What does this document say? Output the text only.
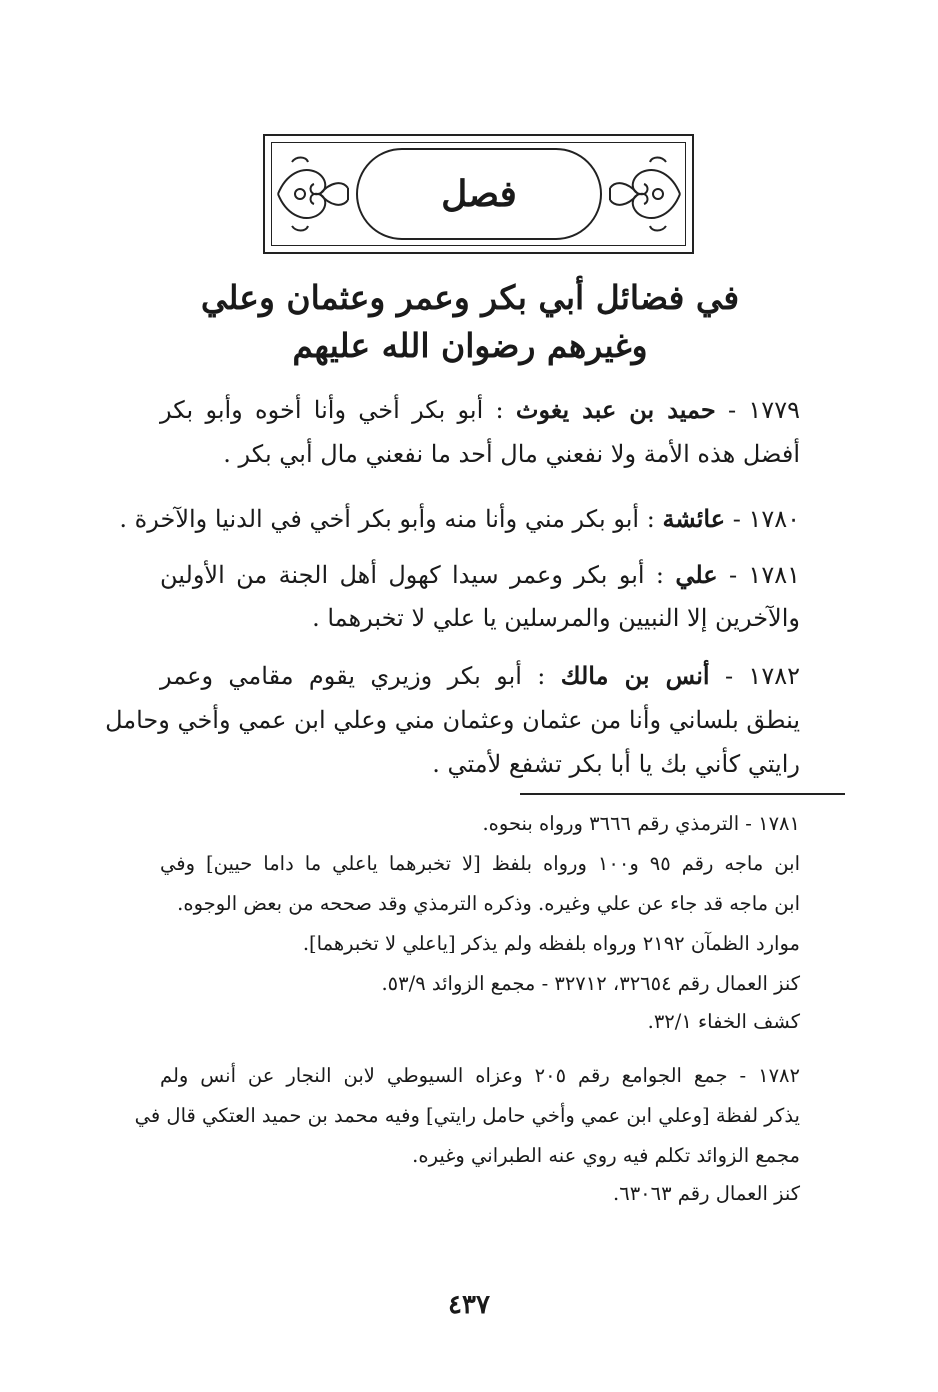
فصل
في فضائل أبي بكر وعمر وعثمان وعلي
وغيرهم رضوان الله عليهم
١٧٧٩ - حميد بن عبد يغوث : أبو بكر أخي وأنا أخوه وأبو بكر
أفضل هذه الأمة ولا نفعني مال أحد ما نفعني مال أبي بكر .
١٧٨٠ - عائشة : أبو بكر مني وأنا منه وأبو بكر أخي في الدنيا والآخرة .
١٧٨١ - علي : أبو بكر وعمر سيدا كهول أهل الجنة من الأولين
والآخرين إلا النبيين والمرسلين يا علي لا تخبرهما .
١٧٨٢ - أنس بن مالك : أبو بكر وزيري يقوم مقامي وعمر
ينطق بلساني وأنا من عثمان وعثمان مني وعلي ابن عمي وأخي وحامل
رايتي كأني بك يا أبا بكر تشفع لأمتي .
١٧٨١ - الترمذي رقم ٣٦٦٦ ورواه بنحوه.
ابن ماجه رقم ٩٥ و١٠٠ ورواه بلفظ [لا تخبرهما ياعلي ما داما حيين] وفي
ابن ماجه قد جاء عن علي وغيره. وذكره الترمذي وقد صححه من بعض الوجوه.
موارد الظمآن ٢١٩٢ ورواه بلفظه ولم يذكر [ياعلي لا تخبرهما].
كنز العمال رقم ٣٢٦٥٤، ٣٢٧١٢ - مجمع الزوائد ٥٣/٩.
كشف الخفاء ٣٢/١.
١٧٨٢ - جمع الجوامع رقم ٢٠٥ وعزاه السيوطي لابن النجار عن أنس ولم
يذكر لفظة [وعلي ابن عمي وأخي حامل رايتي] وفيه محمد بن حميد العتكي قال في
مجمع الزوائد تكلم فيه روي عنه الطبراني وغيره.
كنز العمال رقم ٦٣٠٦٣.
٤٣٧
